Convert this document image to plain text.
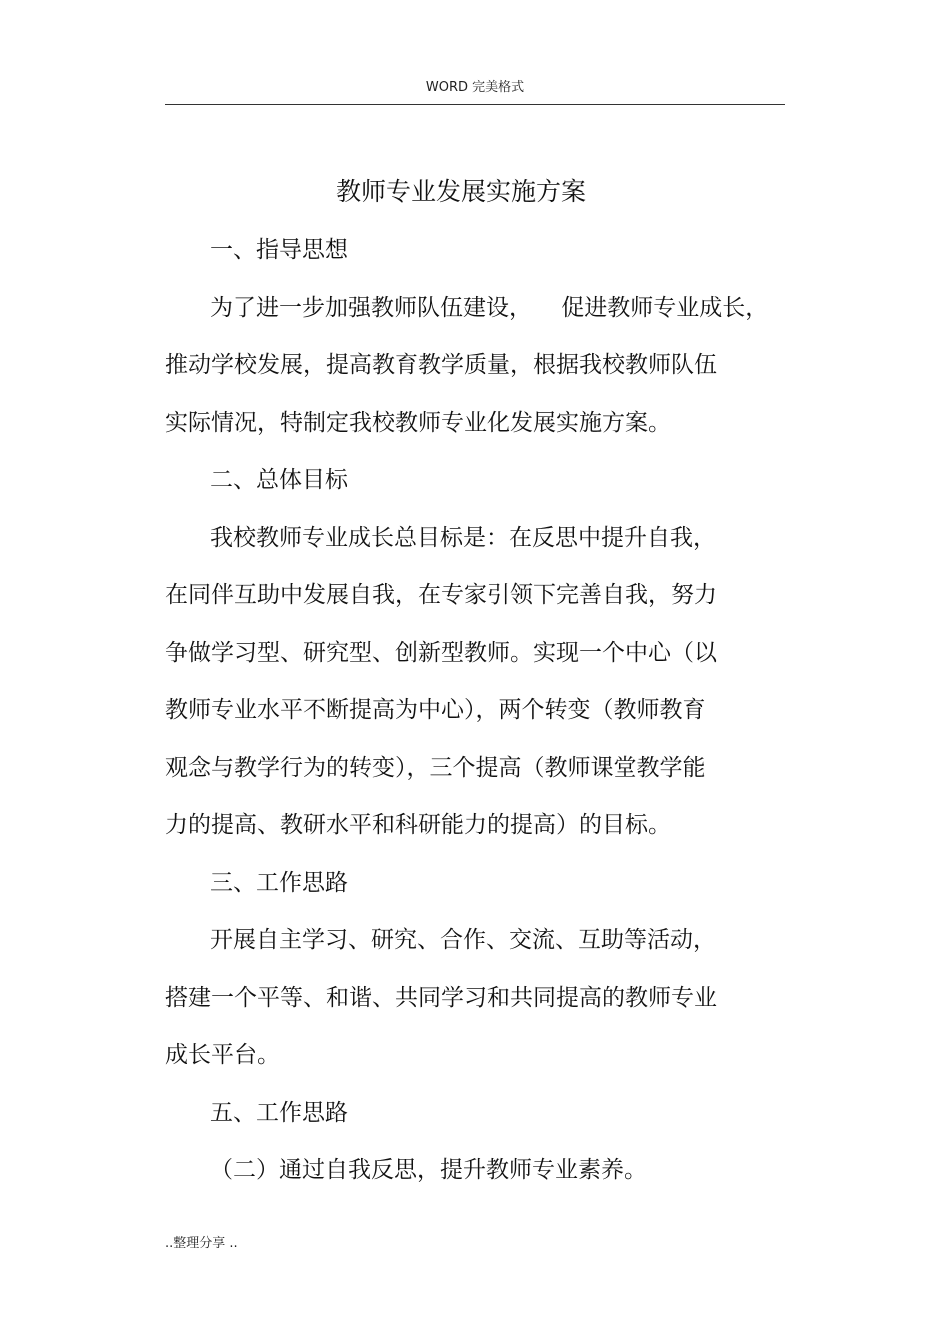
WORD 完美格式
教师专业发展实施方案
一、指导思想
为了进一步加强教师队伍建设，    促进教师专业成长，
推动学校发展，提高教育教学质量，根据我校教师队伍
实际情况，特制定我校教师专业化发展实施方案。
二、总体目标
我校教师专业成长总目标是：在反思中提升自我，
在同伴互助中发展自我，在专家引领下完善自我，努力
争做学习型、研究型、创新型教师。实现一个中心（以
教师专业水平不断提高为中心），两个转变（教师教育
观念与教学行为的转变），三个提高（教师课堂教学能
力的提高、教研水平和科研能力的提高）的目标。
三、工作思路
开展自主学习、研究、合作、交流、互助等活动，
搭建一个平等、和谐、共同学习和共同提高的教师专业
成长平台。
五、工作思路
（二）通过自我反思，提升教师专业素养。
..整理分享 ..
